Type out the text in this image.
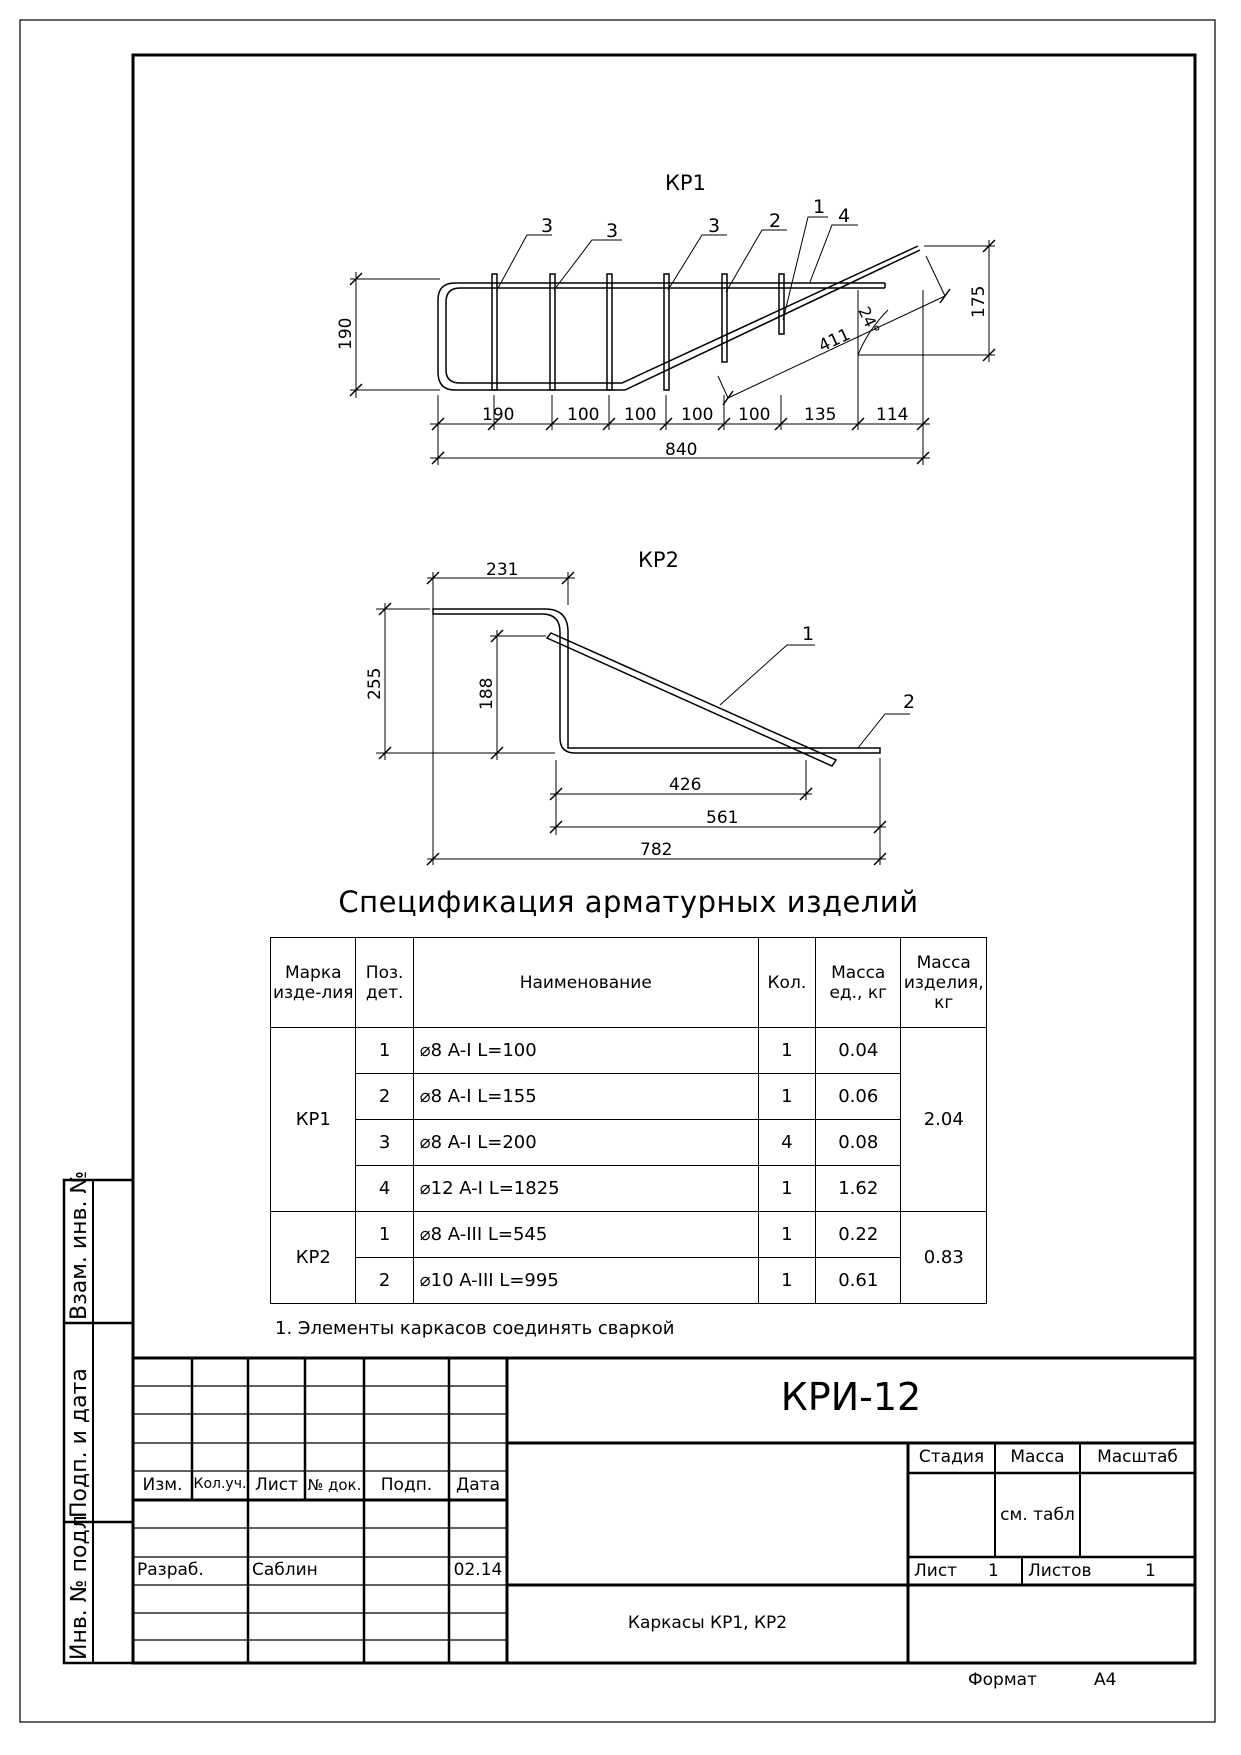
Взам. инв. №
Подп. и дата
Инв. № подл
КР1
190
190	100 100 100 100 135 114
840
175
411
24°
3	3	3	2
1 4
КР2
231
255	188
426
561
782
1
2
Спецификация арматурных изделий
Марка изде-лия	Поз. дет.	Наименование	Кол.	Масса ед., кг	Масса изделия, кг
КР1	1	⌀8 A-I L=100	1	0.04	2.04
	2	⌀8 A-I L=155	1	0.06	
	3	⌀8 A-I L=200	4	0.08	
	4	⌀12 A-I L=1825	1	1.62	
КР2	1	⌀8 A-III L=545	1	0.22	0.83
	2	⌀10 A-III L=995	1	0.61	
1. Элементы каркасов соединять сваркой
КРИ-12
Изм. Кол.уч. Лист № док.	Подп.	Дата
Разраб.	Саблин	02.14
Стадия	Масса	Масштаб
см. табл
Лист 1 Листов	1
Каркасы КР1, КР2
Формат	А4
